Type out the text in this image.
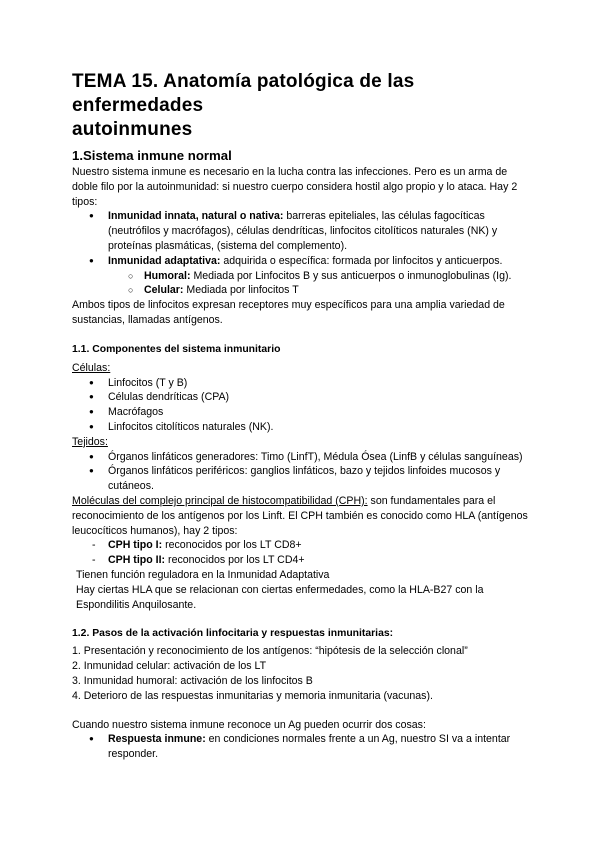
TEMA 15. Anatomía patológica de las enfermedades
autoinmunes
1.Sistema inmune normal

Nuestro sistema inmune es necesario en la lucha contra las infecciones. Pero es un arma de doble filo por la autoinmunidad: si nuestro cuerpo considera hostil algo propio y lo ataca. Hay 2 tipos:

● Inmunidad innata, natural o nativa: barreras epiteliales, las células fagocíticas (neutrófilos y macrófagos), células dendríticas, linfocitos citolíticos naturales (NK) y proteínas plasmáticas, (sistema del complemento).
● Inmunidad adaptativa: adquirida o específica: formada por linfocitos y anticuerpos.
○ Humoral: Mediada por Linfocitos B y sus anticuerpos o inmunoglobulinas (Ig).
○ Celular: Mediada por linfocitos T

Ambos tipos de linfocitos expresan receptores muy específicos para una amplia variedad de sustancias, llamadas antígenos.

1.1. Componentes del sistema inmunitario

Células:

● Linfocitos (T y B)
● Células dendríticas (CPA)
● Macrófagos
● Linfocitos citolíticos naturales (NK).

Tejidos:

● Órganos linfáticos generadores: Timo (LinfT), Médula Ósea (LinfB y células sanguíneas)
● Órganos linfáticos periféricos: ganglios linfáticos, bazo y tejidos linfoides mucosos y cutáneos.

Moléculas del complejo principal de histocompatibilidad (CPH): son fundamentales para el reconocimiento de los antígenos por los Linft. El CPH también es conocido como HLA (antígenos leucocíticos humanos), hay 2 tipos:

- CPH tipo I: reconocidos por los LT CD8+
- CPH tipo II: reconocidos por los LT CD4+

Tienen función reguladora en la Inmunidad Adaptativa

Hay ciertas HLA que se relacionan con ciertas enfermedades, como la HLA-B27 con la Espondilitis Anquilosante.

1.2. Pasos de la activación linfocitaria y respuestas inmunitarias:
1. Presentación y reconocimiento de los antígenos: “hipótesis de la selección clonal”
2. Inmunidad celular: activación de los LT
3. Inmunidad humoral: activación de los linfocitos B
4. Deterioro de las respuestas inmunitarias y memoria inmunitaria (vacunas).

Cuando nuestro sistema inmune reconoce un Ag pueden ocurrir dos cosas:

● Respuesta inmune: en condiciones normales frente a un Ag, nuestro SI va a intentar responder.
